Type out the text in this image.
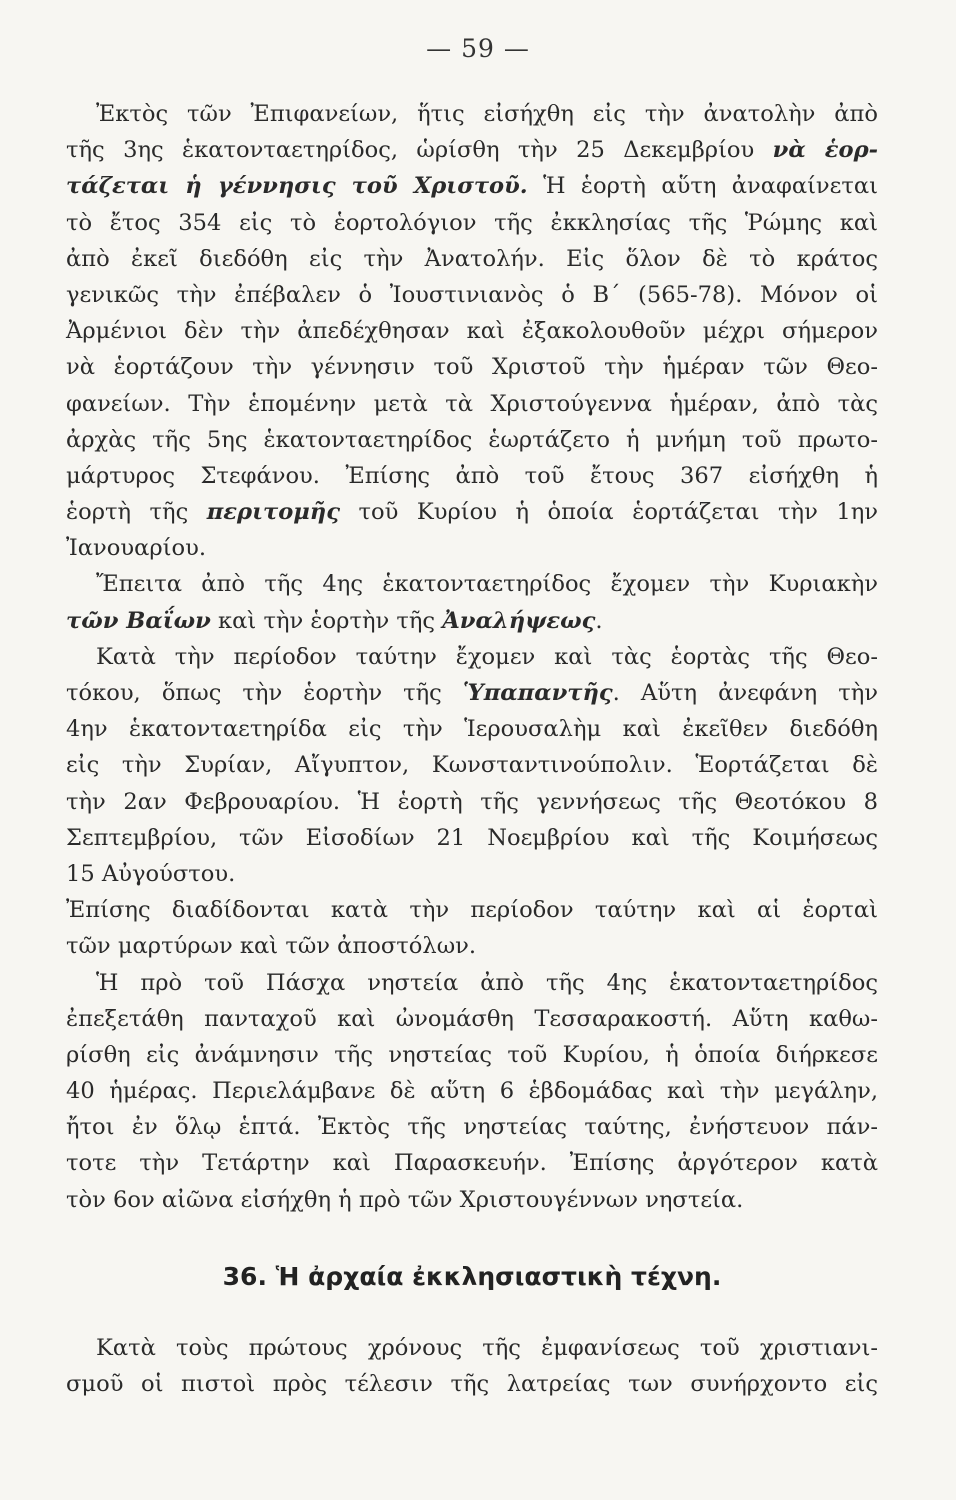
— 59 —
Ἐκτὸς τῶν Ἐπιφανείων, ἥτις εἰσήχθη εἰς τὴν ἀνατολὴν ἀπὸ
τῆς 3ης ἑκατονταετηρίδος, ὡρίσθη τὴν 25 Δεκεμβρίου νὰ ἑορ-
τάζεται ἡ γέννησις τοῦ Χριστοῦ. Ἡ ἑορτὴ αὕτη ἀναφαίνεται
τὸ ἔτος 354 εἰς τὸ ἑορτολόγιον τῆς ἐκκλησίας τῆς Ῥώμης καὶ
ἀπὸ ἐκεῖ διεδόθη εἰς τὴν Ἀνατολήν. Εἰς ὅλον δὲ τὸ κράτος
γενικῶς τὴν ἐπέβαλεν ὁ Ἰουστινιανὸς ὁ Β΄ (565-78). Μόνον οἱ
Ἀρμένιοι δὲν τὴν ἀπεδέχθησαν καὶ ἐξακολουθοῦν μέχρι σήμερον
νὰ ἑορτάζουν τὴν γέννησιν τοῦ Χριστοῦ τὴν ἡμέραν τῶν Θεο-
φανείων. Τὴν ἑπομένην μετὰ τὰ Χριστούγεννα ἡμέραν, ἀπὸ τὰς
ἀρχὰς τῆς 5ης ἑκατονταετηρίδος ἑωρτάζετο ἡ μνήμη τοῦ πρωτο-
μάρτυρος Στεφάνου. Ἐπίσης ἀπὸ τοῦ ἔτους 367 εἰσήχθη ἡ
ἑορτὴ τῆς περιτομῆς τοῦ Κυρίου ἡ ὁποία ἑορτάζεται τὴν 1ην
Ἰανουαρίου.
Ἔπειτα ἀπὸ τῆς 4ης ἑκατονταετηρίδος ἔχομεν τὴν Κυριακὴν
τῶν Βαΐων καὶ τὴν ἑορτὴν τῆς Ἀναλήψεως.
Κατὰ τὴν περίοδον ταύτην ἔχομεν καὶ τὰς ἑορτὰς τῆς Θεο-
τόκου, ὅπως τὴν ἑορτὴν τῆς Ὑπαπαντῆς. Αὕτη ἀνεφάνη τὴν
4ην ἑκατονταετηρίδα εἰς τὴν Ἱερουσαλὴμ καὶ ἐκεῖθεν διεδόθη
εἰς τὴν Συρίαν, Αἴγυπτον, Κωνσταντινούπολιν. Ἑορτάζεται δὲ
τὴν 2αν Φεβρουαρίου. Ἡ ἑορτὴ τῆς γεννήσεως τῆς Θεοτόκου 8
Σεπτεμβρίου, τῶν Εἰσοδίων 21 Νοεμβρίου καὶ τῆς Κοιμήσεως
15 Αὐγούστου.
Ἐπίσης διαδίδονται κατὰ τὴν περίοδον ταύτην καὶ αἱ ἑορταὶ
τῶν μαρτύρων καὶ τῶν ἀποστόλων.
Ἡ πρὸ τοῦ Πάσχα νηστεία ἀπὸ τῆς 4ης ἑκατονταετηρίδος
ἐπεξετάθη πανταχοῦ καὶ ὠνομάσθη Τεσσαρακοστή. Αὕτη καθω-
ρίσθη εἰς ἀνάμνησιν τῆς νηστείας τοῦ Κυρίου, ἡ ὁποία διήρκεσε
40 ἡμέρας. Περιελάμβανε δὲ αὕτη 6 ἑβδομάδας καὶ τὴν μεγάλην,
ἤτοι ἐν ὅλῳ ἑπτά. Ἐκτὸς τῆς νηστείας ταύτης, ἐνήστευον πάν-
τοτε τὴν Τετάρτην καὶ Παρασκευήν. Ἐπίσης ἀργότερον κατὰ
τὸν 6ον αἰῶνα εἰσήχθη ἡ πρὸ τῶν Χριστουγέννων νηστεία.
36. Ἡ ἀρχαία ἐκκλησιαστικὴ τέχνη.
Κατὰ τοὺς πρώτους χρόνους τῆς ἐμφανίσεως τοῦ χριστιανι-
σμοῦ οἱ πιστοὶ πρὸς τέλεσιν τῆς λατρείας των συνήρχοντο εἰς
